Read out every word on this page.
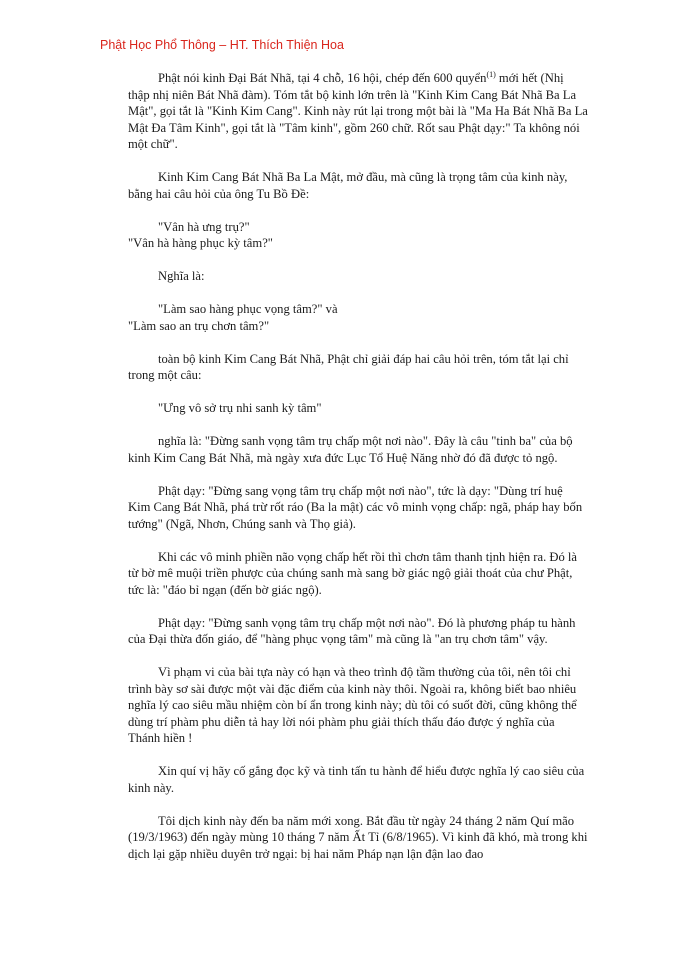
Phật Học Phổ Thông – HT. Thích Thiện Hoa

Phật nói kinh Đại Bát Nhã, tại 4 chỗ, 16 hội, chép đến 600 quyển$^{(1)}$ mới hết (Nhị thập nhị niên Bát Nhã đàm). Tóm tắt bộ kinh lớn trên là "Kinh Kim Cang Bát Nhã Ba La Mật", gọi tắt là "Kinh Kim Cang". Kinh này rút lại trong một bài là "Ma Ha Bát Nhã Ba La Mật Đa Tâm Kinh", gọi tắt là "Tâm kinh", gồm 260 chữ. Rốt sau Phật dạy:" Ta không nói một chữ".

Kinh Kim Cang Bát Nhã Ba La Mật, mở đầu, mà cũng là trọng tâm của kinh này, bằng hai câu hỏi của ông Tu Bồ Đề:

"Vân hà ưng trụ?"

"Vân hà hàng phục kỳ tâm?"

Nghĩa là:

"Làm sao hàng phục vọng tâm?" và

"Làm sao an trụ chơn tâm?"

toàn bộ kinh Kim Cang Bát Nhã, Phật chỉ giải đáp hai câu hỏi trên, tóm tắt lại chỉ trong một câu:

"Ưng vô sở trụ nhi sanh kỳ tâm"

nghĩa là: "Đừng sanh vọng tâm trụ chấp một nơi nào". Đây là câu "tinh ba" của bộ kinh Kim Cang Bát Nhã, mà ngày xưa đức Lục Tổ Huệ Năng nhờ đó đã được tỏ ngộ.

Phật dạy: "Đừng sang vọng tâm trụ chấp một nơi nào", tức là dạy: "Dùng trí huệ Kim Cang Bát Nhã, phá trừ rốt ráo (Ba la mật) các vô minh vọng chấp: ngã, pháp hay bốn tướng" (Ngã, Nhơn, Chúng sanh và Thọ giả).

Khi các vô minh phiền não vọng chấp hết rồi thì chơn tâm thanh tịnh hiện ra. Đó là từ bờ mê muội triền phược của chúng sanh mà sang bờ giác ngộ giải thoát của chư Phật, tức là: "đáo bỉ ngạn (đến bờ giác ngộ).

Phật dạy: "Đừng sanh vọng tâm trụ chấp một nơi nào". Đó là phương pháp tu hành của Đại thừa đốn giáo, để "hàng phục vọng tâm" mà cũng là "an trụ chơn tâm" vậy.

Vì phạm vi của bài tựa này có hạn và theo trình độ tầm thường của tôi, nên tôi chỉ trình bày sơ sài được một vài đặc điểm của kinh này thôi. Ngoài ra, không biết bao nhiêu nghĩa lý cao siêu mầu nhiệm còn bí ẩn trong kinh này; dù tôi có suốt đời, cũng không thể dùng trí phàm phu diễn tả hay lời nói phàm phu giải thích thấu đáo được ý nghĩa của Thánh hiền !

Xin quí vị hãy cố gắng đọc kỹ và tinh tấn tu hành để hiểu được nghĩa lý cao siêu của kinh này.

Tôi dịch kinh này đến ba năm mới xong. Bắt đầu từ ngày 24 tháng 2 năm Quí mão (19/3/1963) đến ngày mùng 10 tháng 7 năm Ất Tỉ (6/8/1965). Vì kinh đã khó, mà trong khi dịch lại gặp nhiều duyên trở ngại: bị hai năm Pháp nạn lận đận lao đao
